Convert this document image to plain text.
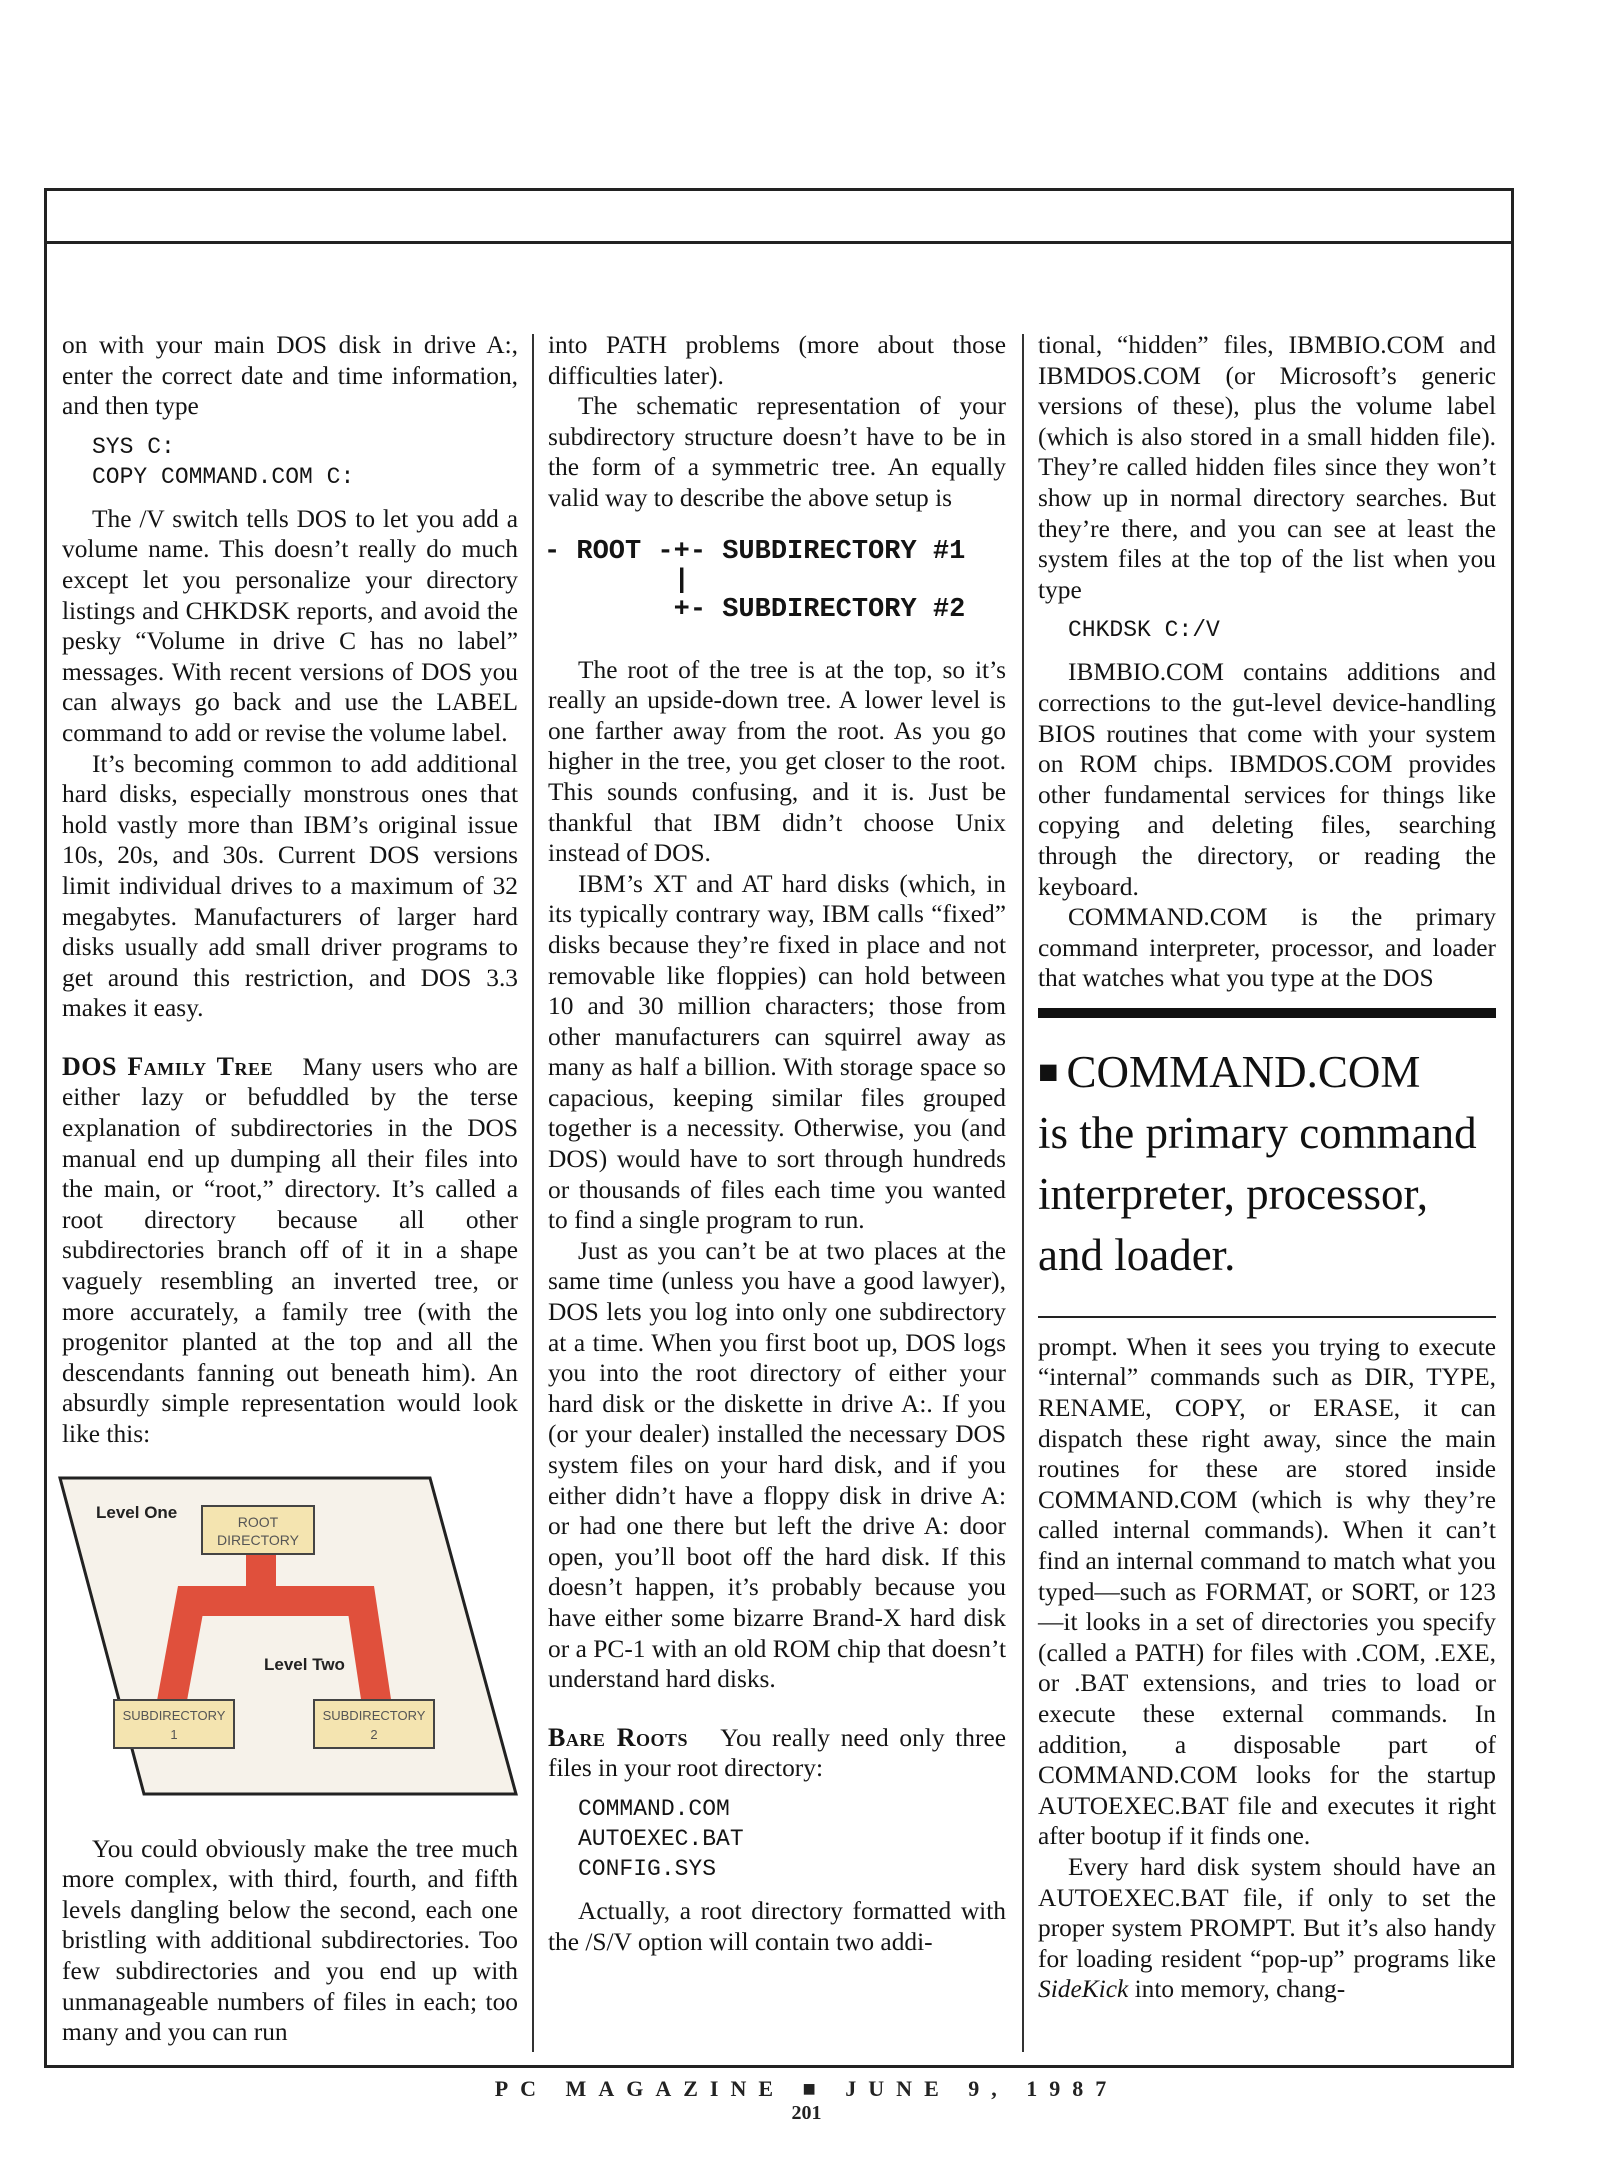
on with your main DOS disk in drive A:, enter the correct date and time information, and then type

SYS C:
COPY COMMAND.COM C:

The /V switch tells DOS to let you add a volume name. This doesn’t really do much except let you personalize your directory listings and CHKDSK reports, and avoid the pesky “Volume in drive C has no label” messages. With recent versions of DOS you can always go back and use the LABEL command to add or revise the volume label.

It’s becoming common to add additional hard disks, especially monstrous ones that hold vastly more than IBM’s original issue 10s, 20s, and 30s. Current DOS versions limit individual drives to a maximum of 32 megabytes. Manufacturers of larger hard disks usually add small driver programs to get around this restriction, and DOS 3.3 makes it easy.

DOS Family Tree Many users who are either lazy or befuddled by the terse explanation of subdirectories in the DOS manual end up dumping all their files into the main, or “root,” directory. It’s called a root directory because all other subdirectories branch off of it in a shape vaguely resembling an inverted tree, or more accurately, a family tree (with the progenitor planted at the top and all the descendants fanning out beneath him). An absurdly simple representation would look like this:

Level One
Level Two
ROOT
DIRECTORY
SUBDIRECTORY
1
SUBDIRECTORY
2

You could obviously make the tree much more complex, with third, fourth, and fifth levels dangling below the second, each one bristling with additional subdirectories. Too few subdirectories and you end up with unmanageable numbers of files in each; too many and you can run

into PATH problems (more about those difficulties later).

The schematic representation of your subdirectory structure doesn’t have to be in the form of a symmetric tree. An equally valid way to describe the above setup is

- ROOT -+- SUBDIRECTORY #1
|
+- SUBDIRECTORY #2

The root of the tree is at the top, so it’s really an upside-down tree. A lower level is one farther away from the root. As you go higher in the tree, you get closer to the root. This sounds confusing, and it is. Just be thankful that IBM didn’t choose Unix instead of DOS.

IBM’s XT and AT hard disks (which, in its typically contrary way, IBM calls “fixed” disks because they’re fixed in place and not removable like floppies) can hold between 10 and 30 million characters; those from other manufacturers can squirrel away as many as half a billion. With storage space so capacious, keeping similar files grouped together is a necessity. Otherwise, you (and DOS) would have to sort through hundreds or thousands of files each time you wanted to find a single program to run.

Just as you can’t be at two places at the same time (unless you have a good lawyer), DOS lets you log into only one subdirectory at a time. When you first boot up, DOS logs you into the root directory of either your hard disk or the diskette in drive A:. If you (or your dealer) installed the necessary DOS system files on your hard disk, and if you either didn’t have a floppy disk in drive A: or had one there but left the drive A: door open, you’ll boot off the hard disk. If this doesn’t happen, it’s probably because you have either some bizarre Brand-X hard disk or a PC-1 with an old ROM chip that doesn’t understand hard disks.

Bare Roots You really need only three files in your root directory:

COMMAND.COM
AUTOEXEC.BAT
CONFIG.SYS

Actually, a root directory formatted with the /S/V option will contain two addi-

tional, “hidden” files, IBMBIO.COM and IBMDOS.COM (or Microsoft’s generic versions of these), plus the volume label (which is also stored in a small hidden file). They’re called hidden files since they won’t show up in normal directory searches. But they’re there, and you can see at least the system files at the top of the list when you type

CHKDSK C:/V

IBMBIO.COM contains additions and corrections to the gut-level device-handling BIOS routines that come with your system on ROM chips. IBMDOS.COM provides other fundamental services for things like copying and deleting files, searching through the directory, or reading the keyboard.

COMMAND.COM is the primary command interpreter, processor, and loader that watches what you type at the DOS

■ COMMAND.COM
is the primary command
interpreter, processor,
and loader.

prompt. When it sees you trying to execute “internal” commands such as DIR, TYPE, RENAME, COPY, or ERASE, it can dispatch these right away, since the main routines for these are stored inside COMMAND.COM (which is why they’re called internal commands). When it can’t find an internal command to match what you typed—such as FORMAT, or SORT, or 123—it looks in a set of directories you specify (called a PATH) for files with .COM, .EXE, or .BAT extensions, and tries to load or execute these external commands. In addition, a disposable part of COMMAND.COM looks for the startup AUTOEXEC.BAT file and executes it right after bootup if it finds one.

Every hard disk system should have an AUTOEXEC.BAT file, if only to set the proper system PROMPT. But it’s also handy for loading resident “pop-up” programs like SideKick into memory, chang-

PC MAGAZINE ■ JUNE 9, 1987
201
